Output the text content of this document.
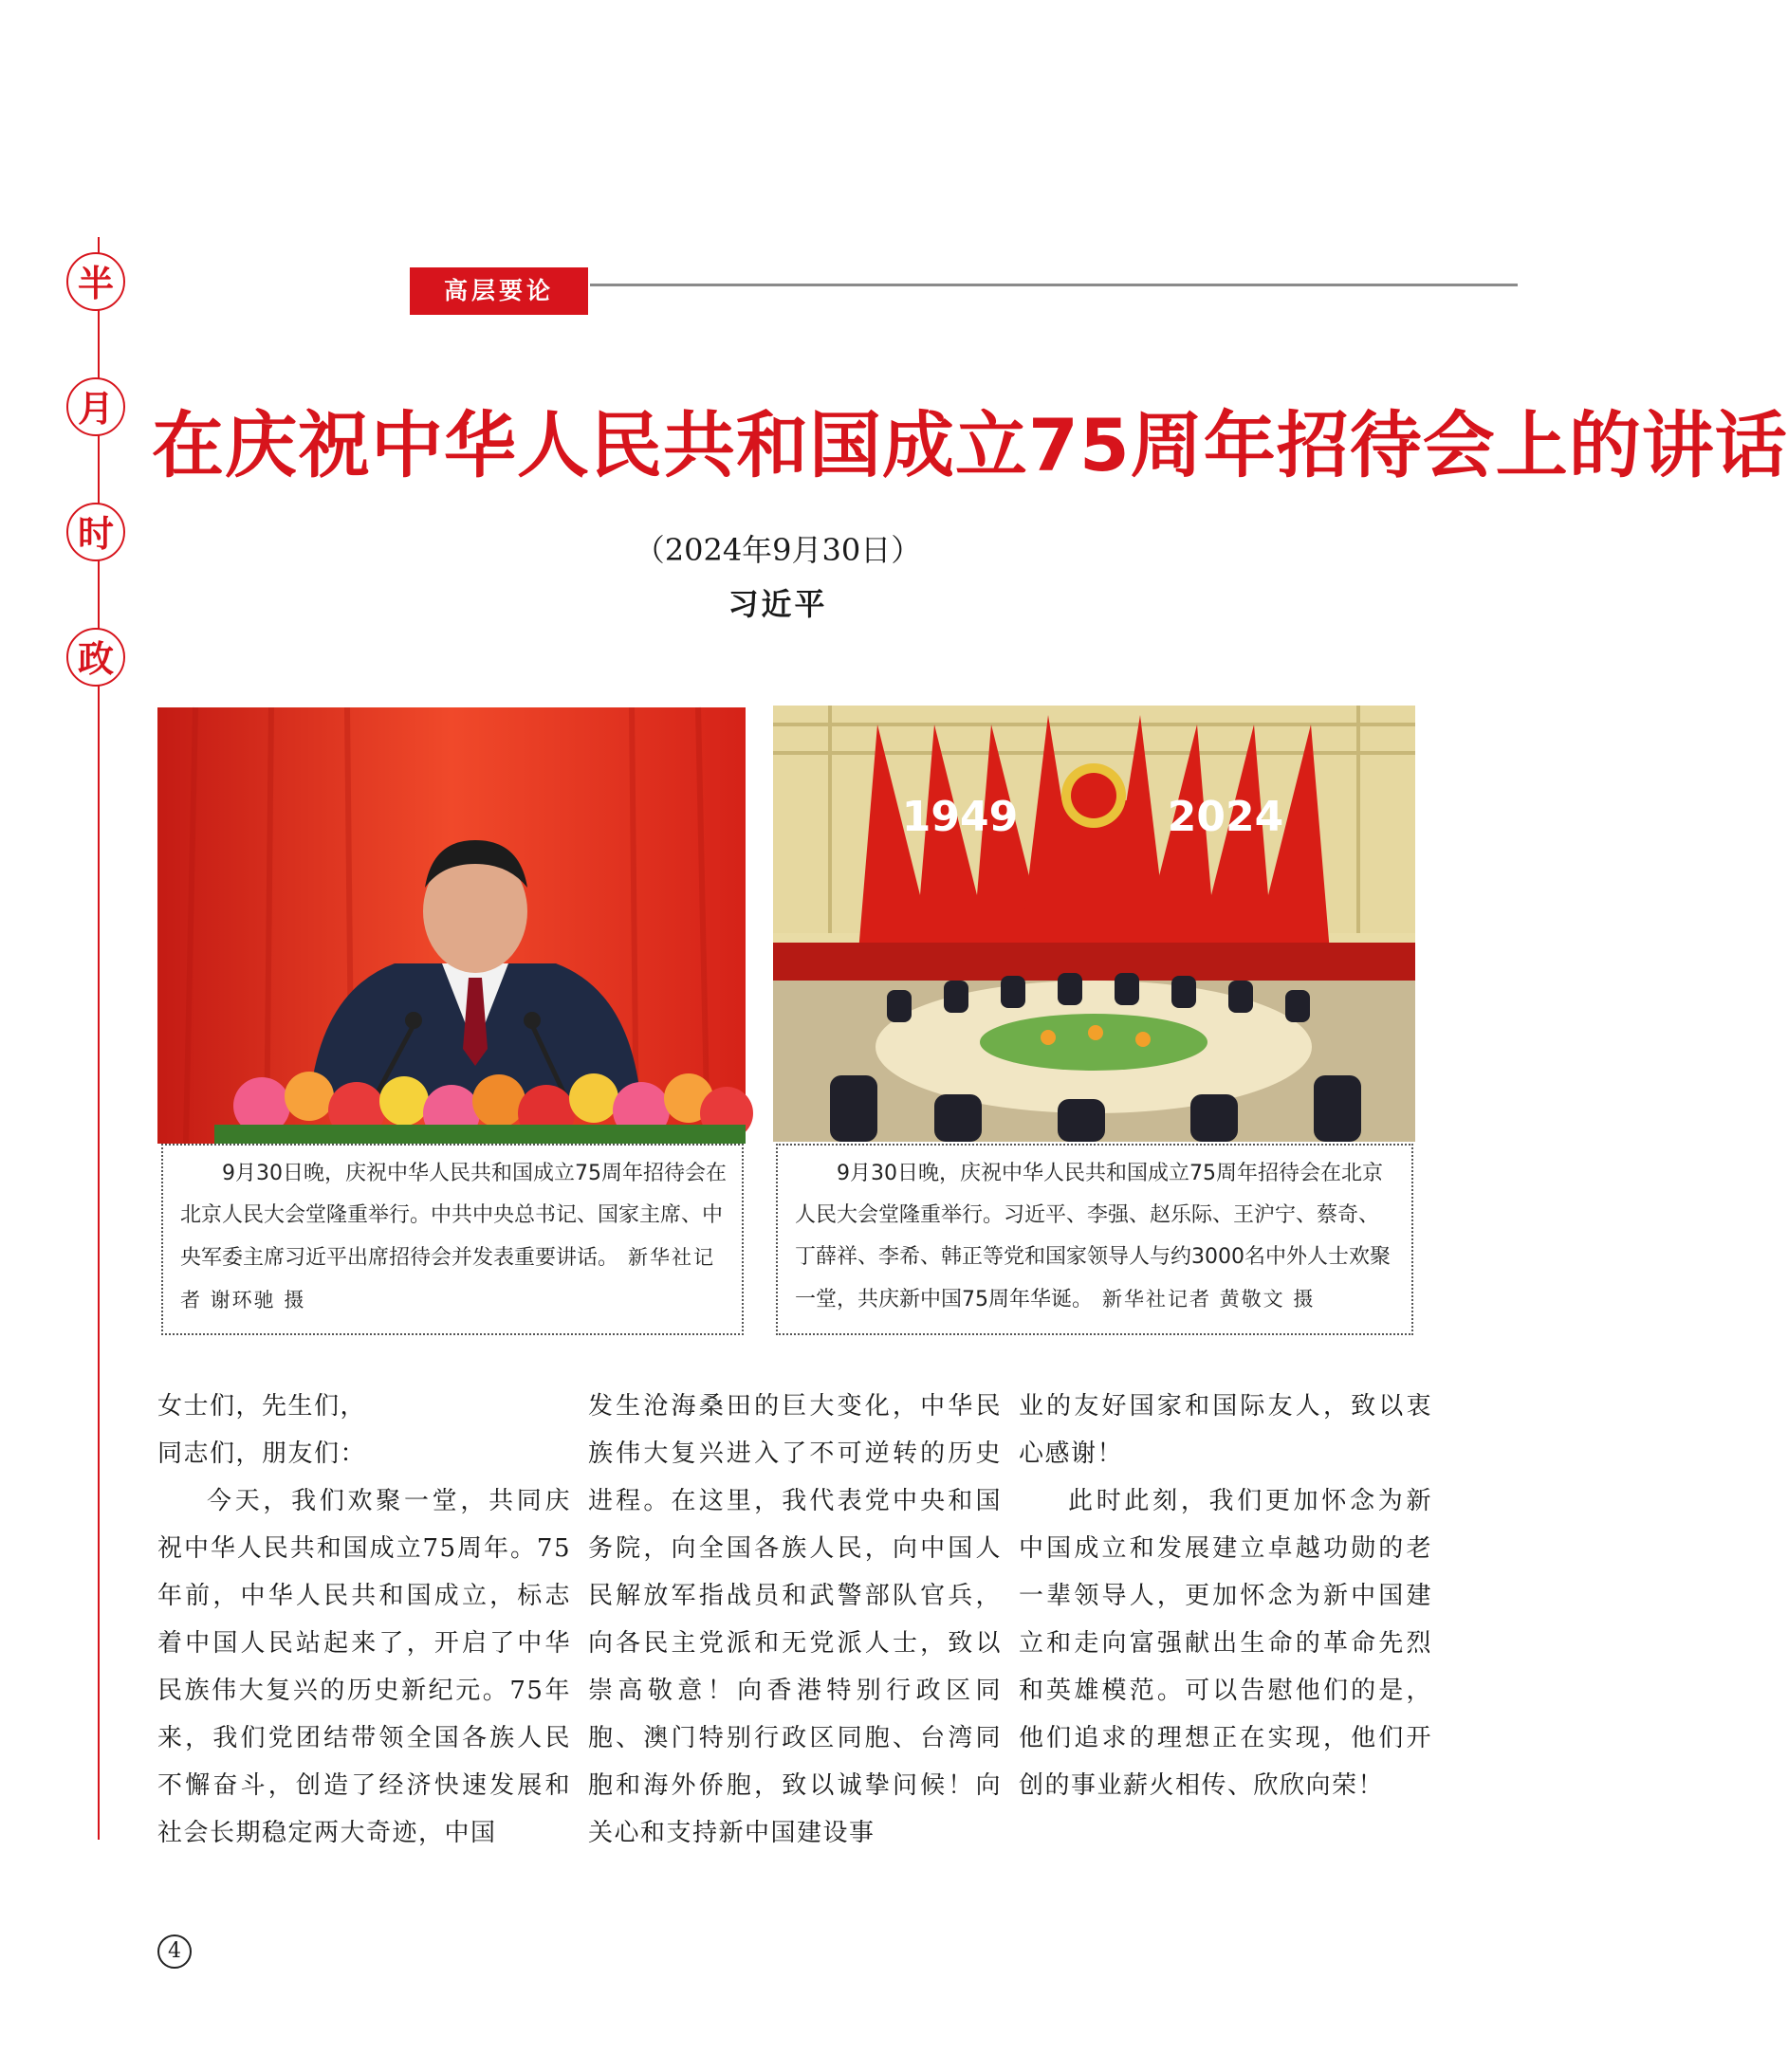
半
月
时
政
高层要论
在庆祝中华人民共和国成立75周年招待会上的讲话
（2024年9月30日）
习近平
1949	2024

9月30日晚，庆祝中华人民共和国成立75周年招待会在北京人民大会堂隆重举行。中共中央总书记、国家主席、中央军委主席习近平出席招待会并发表重要讲话。 新华社记者 谢环驰 摄

9月30日晚，庆祝中华人民共和国成立75周年招待会在北京人民大会堂隆重举行。习近平、李强、赵乐际、王沪宁、蔡奇、丁薛祥、李希、韩正等党和国家领导人与约3000名中外人士欢聚一堂，共庆新中国75周年华诞。 新华社记者 黄敬文 摄

女士们，先生们，

同志们，朋友们：

今天，我们欢聚一堂，共同庆祝中华人民共和国成立75周年。75年前，中华人民共和国成立，标志着中国人民站起来了，开启了中华民族伟大复兴的历史新纪元。75年来，我们党团结带领全国各族人民不懈奋斗，创造了经济快速发展和社会长期稳定两大奇迹，中国

发生沧海桑田的巨大变化，中华民族伟大复兴进入了不可逆转的历史进程。在这里，我代表党中央和国务院，向全国各族人民，向中国人民解放军指战员和武警部队官兵，向各民主党派和无党派人士，致以崇高敬意！向香港特别行政区同胞、澳门特别行政区同胞、台湾同胞和海外侨胞，致以诚挚问候！向关心和支持新中国建设事

业的友好国家和国际友人，致以衷心感谢！

此时此刻，我们更加怀念为新中国成立和发展建立卓越功勋的老一辈领导人，更加怀念为新中国建立和走向富强献出生命的革命先烈和英雄模范。可以告慰他们的是，他们追求的理想正在实现，他们开创的事业薪火相传、欣欣向荣！

4
